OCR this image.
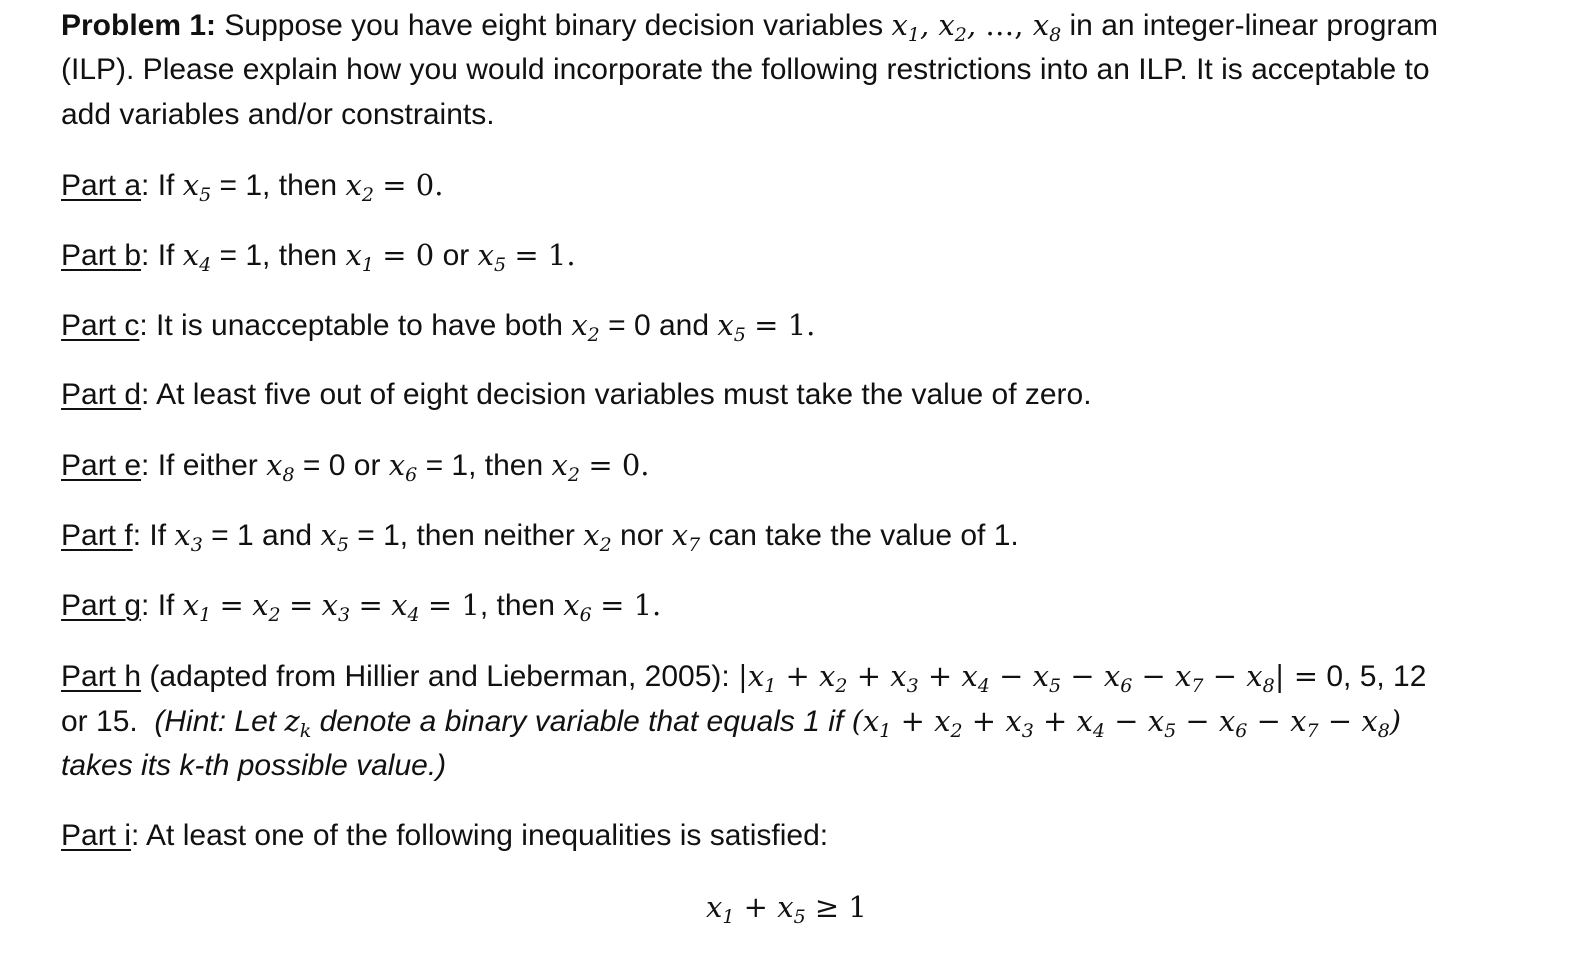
Problem 1: Suppose you have eight binary decision variables $x_1$, $x_2$, …, $x_8$ in an integer-linear program
(ILP). Please explain how you would incorporate the following restrictions into an ILP. It is acceptable to
add variables and/or constraints.
Part a: If $x_5 = 1$, then $x_2 = 0$.
Part b: If $x_4 = 1$, then $x_1 = 0$ or $x_5 = 1$.
Part c: It is unacceptable to have both $x_2 = 0$ and $x_5 = 1$.
Part d: At least five out of eight decision variables must take the value of zero.
Part e: If either $x_8 = 0$ or $x_6 = 1$, then $x_2 = 0$.
Part f: If $x_3 = 1$ and $x_5 = 1$, then neither $x_2$ nor $x_7$ can take the value of 1.
Part g: If $x_1 = x_2 = x_3 = x_4 = 1$, then $x_6 = 1$.
Part h (adapted from Hillier and Lieberman, 2005): $|x_1 + x_2 + x_3 + x_4 - x_5 - x_6 - x_7 - x_8| = 0$, 5, 12
or 15. (Hint: Let $z_k$ denote a binary variable that equals 1 if $(x_1 + x_2 + x_3 + x_4 - x_5 - x_6 - x_7 - x_8)$
takes its k-th possible value.)
Part i: At least one of the following inequalities is satisfied:
$x_1 + x_5 \ge 1$
